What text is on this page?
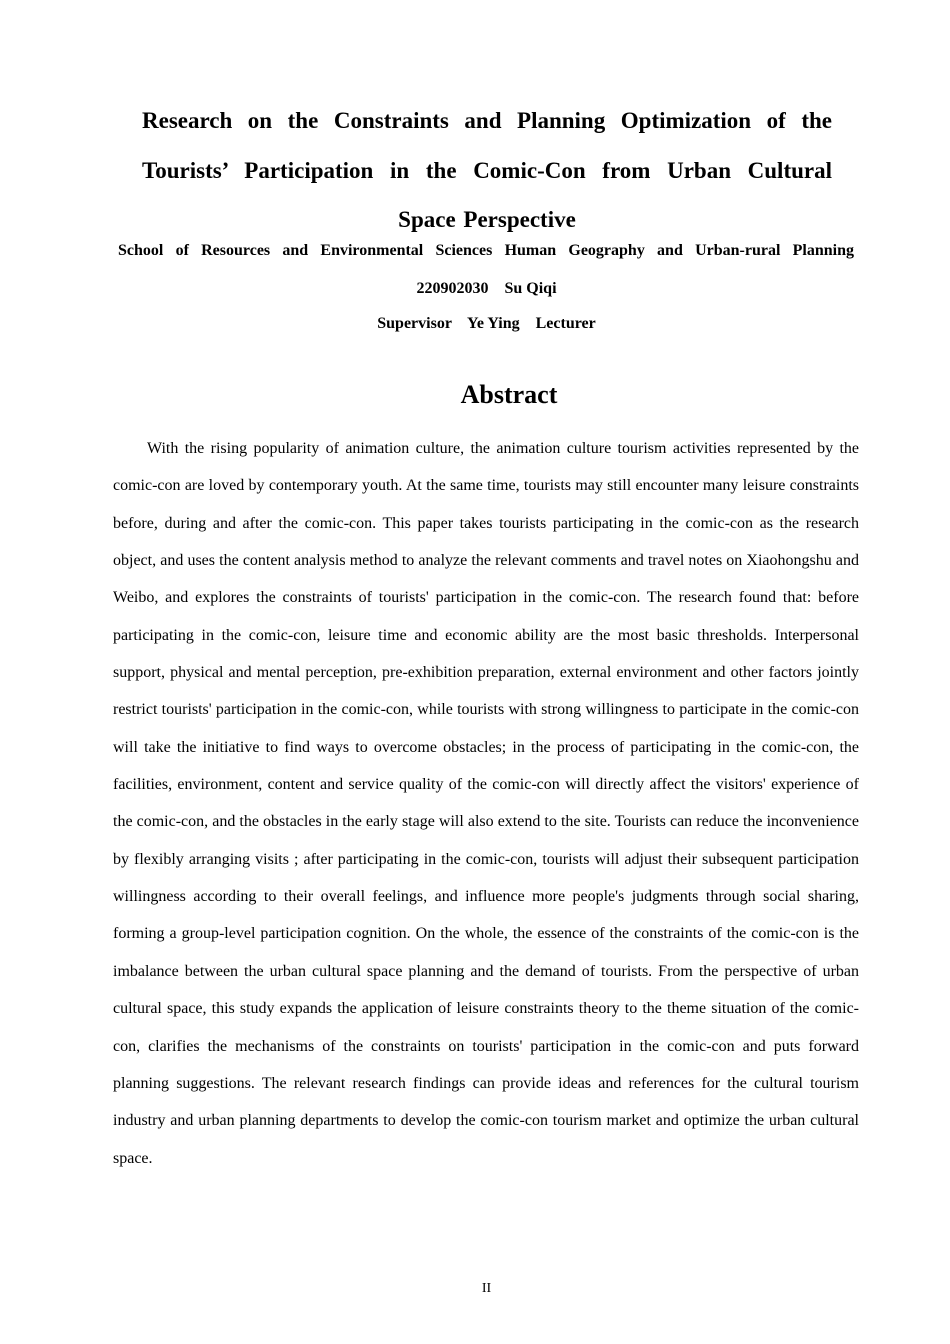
Research on the Constraints and Planning Optimization of the Tourists’ Participation in the Comic-Con from Urban Cultural Space Perspective

School of Resources and Environmental Sciences Human Geography and Urban-rural Planning

220902030    Su Qiqi

Supervisor    Ye Ying    Lecturer

Abstract

With the rising popularity of animation culture, the animation culture tourism activities represented by the comic-con are loved by contemporary youth. At the same time, tourists may still encounter many leisure constraints before, during and after the comic-con. This paper takes tourists participating in the comic-con as the research object, and uses the content analysis method to analyze the relevant comments and travel notes on Xiaohongshu and Weibo, and explores the constraints of tourists' participation in the comic-con. The research found that: before participating in the comic-con, leisure time and economic ability are the most basic thresholds. Interpersonal support, physical and mental perception, pre-exhibition preparation, external environment and other factors jointly restrict tourists' participation in the comic-con, while tourists with strong willingness to participate in the comic-con will take the initiative to find ways to overcome obstacles; in the process of participating in the comic-con, the facilities, environment, content and service quality of the comic-con will directly affect the visitors' experience of the comic-con, and the obstacles in the early stage will also extend to the site. Tourists can reduce the inconvenience by flexibly arranging visits ; after participating in the comic-con, tourists will adjust their subsequent participation willingness according to their overall feelings, and influence more people's judgments through social sharing, forming a group-level participation cognition. On the whole, the essence of the constraints of the comic-con is the imbalance between the urban cultural space planning and the demand of tourists. From the perspective of urban cultural space, this study expands the application of leisure constraints theory to the theme situation of the comic-con, clarifies the mechanisms of the constraints on tourists' participation in the comic-con and puts forward planning suggestions. The relevant research findings can provide ideas and references for the cultural tourism industry and urban planning departments to develop the comic-con tourism market and optimize the urban cultural space.

II
